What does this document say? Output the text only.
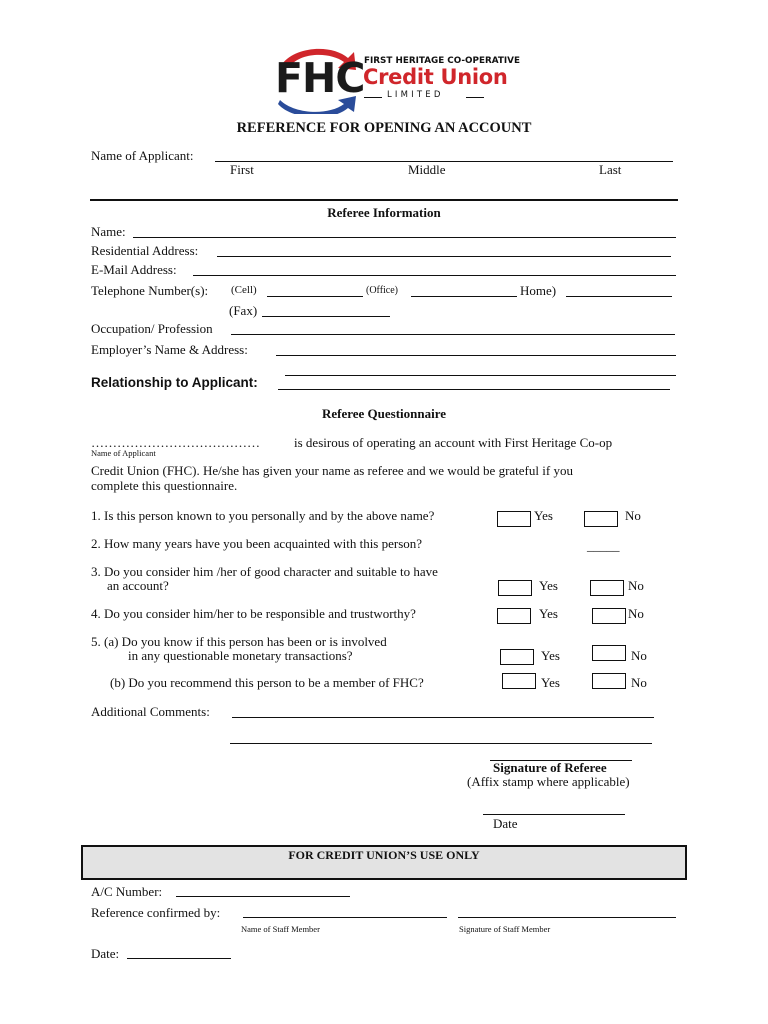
FHC FIRST HERITAGE CO-OPERATIVE
Credit Union
LIMITED
REFERENCE FOR OPENING AN ACCOUNT
Name of Applicant:
First	Middle	Last
Referee Information
Name:
Residential Address:
E-Mail Address:
Telephone Number(s): (Cell)	(Office)	Home)
(Fax)
Occupation/ Profession
Employer’s Name & Address:
Relationship to Applicant:
Referee Questionnaire
…………………………………	is desirous of operating an account with First Heritage Co-op
Name of Applicant
Credit Union (FHC). He/she has given your name as referee and we would be grateful if you
complete this questionnaire.
1. Is this person known to you personally and by the above name?	Yes	No
2. How many years have you been acquainted with this person?	_____
3. Do you consider him /her of good character and suitable to have
an account?	Yes	No
4. Do you consider him/her to be responsible and trustworthy?	Yes	No
5. (a) Do you know if this person has been or is involved
in any questionable monetary transactions?	Yes	No
(b) Do you recommend this person to be a member of FHC?	Yes	No
Additional Comments:
Signature of Referee
(Affix stamp where applicable)
Date
FOR CREDIT UNION’S USE ONLY
A/C Number:
Reference confirmed by:
Name of Staff Member	Signature of Staff Member
Date:
